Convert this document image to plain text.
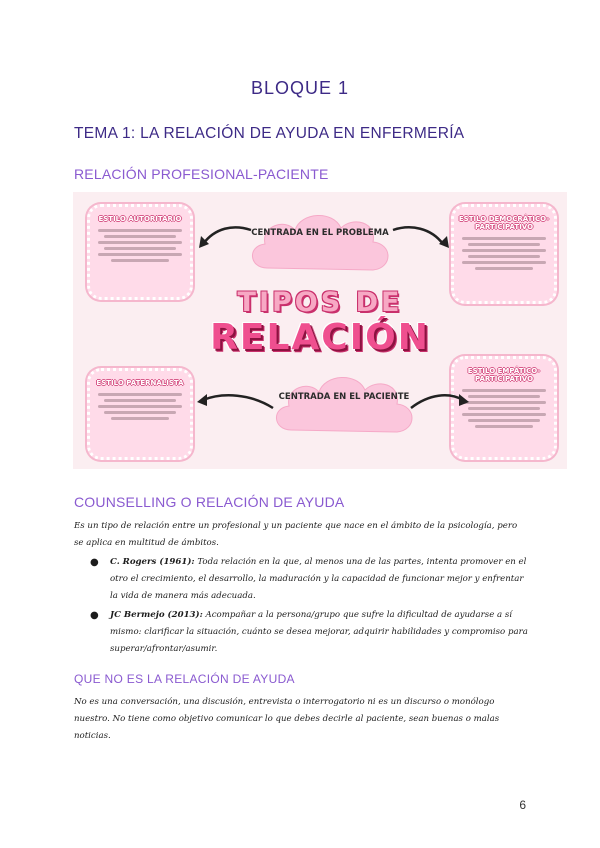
BLOQUE 1
TEMA 1: LA RELACIÓN DE AYUDA EN ENFERMERÍA
RELACIÓN PROFESIONAL-PACIENTE
ESTILO AUTORITARIO	ESTILO DEMOCRÁTICO-PARTICIPATIVO
ESTILO PATERNALISTA
ESTILO EMPÁTICO-PARTICIPATIVO
CENTRADA EN EL PROBLEMA
CENTRADA EN EL PACIENTE
TIPOS DE
RELACIÓN
COUNSELLING O RELACIÓN DE AYUDA
Es un tipo de relación entre un profesional y un paciente que nace en el ámbito de la psicología, pero se aplica en multitud de ámbitos.
● C. Rogers (1961): Toda relación en la que, al menos una de las partes, intenta promover en el otro el crecimiento, el desarrollo, la maduración y la capacidad de funcionar mejor y enfrentar la vida de manera más adecuada.
● JC Bermejo (2013): Acompañar a la persona/grupo que sufre la dificultad de ayudarse a sí mismo: clarificar la situación, cuánto se desea mejorar, adquirir habilidades y compromiso para superar/afrontar/asumir.
QUE NO ES LA RELACIÓN DE AYUDA
No es una conversación, una discusión, entrevista o interrogatorio ni es un discurso o monólogo nuestro. No tiene como objetivo comunicar lo que debes decirle al paciente, sean buenas o malas noticias.
6
